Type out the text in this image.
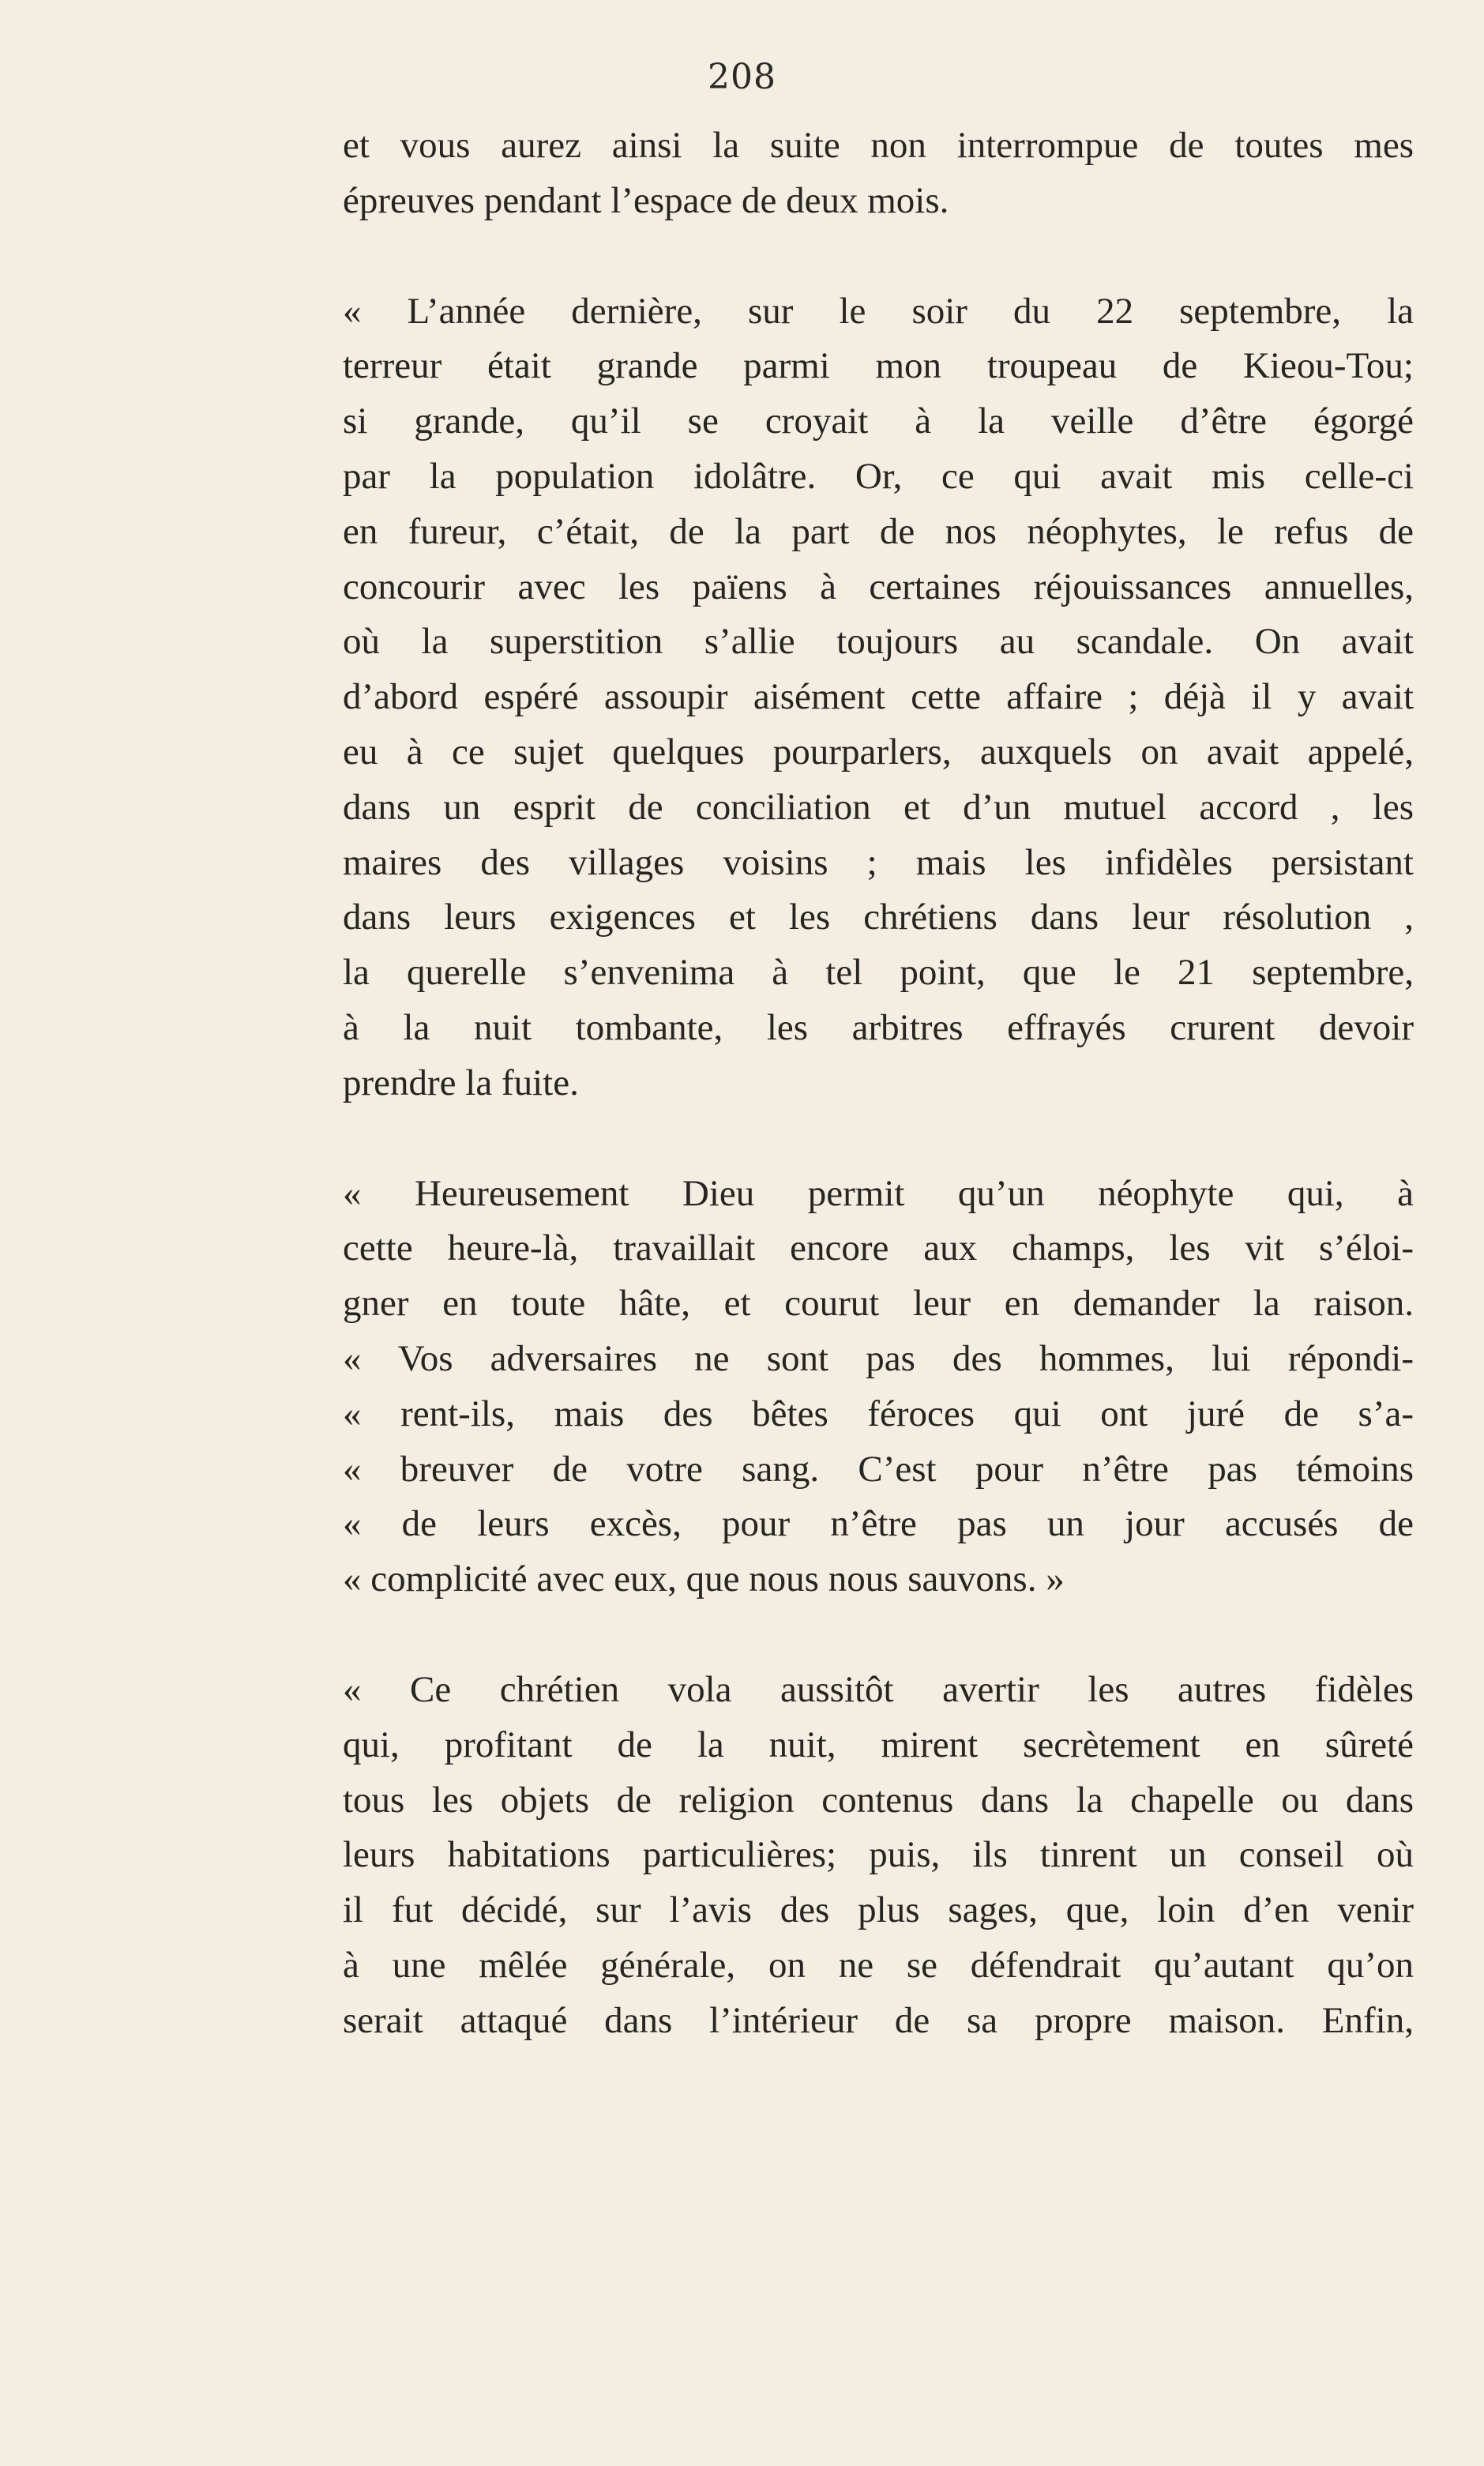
208
et vous aurez ainsi la suite non interrompue de toutes mes
épreuves pendant l’espace de deux mois.
« L’année dernière, sur le soir du 22 septembre, la
terreur était grande parmi mon troupeau de Kieou-Tou;
si grande, qu’il se croyait à la veille d’être égorgé
par la population idolâtre. Or, ce qui avait mis celle-ci
en fureur, c’était, de la part de nos néophytes, le refus de
concourir avec les païens à certaines réjouissances annuelles,
où la superstition s’allie toujours au scandale. On avait
d’abord espéré assoupir aisément cette affaire ; déjà il y avait
eu à ce sujet quelques pourparlers, auxquels on avait appelé,
dans un esprit de conciliation et d’un mutuel accord , les
maires des villages voisins ; mais les infidèles persistant
dans leurs exigences et les chrétiens dans leur résolution ,
la querelle s’envenima à tel point, que le 21 septembre,
à la nuit tombante, les arbitres effrayés crurent devoir
prendre la fuite.
« Heureusement Dieu permit qu’un néophyte qui, à
cette heure-là, travaillait encore aux champs, les vit s’éloi-
gner en toute hâte, et courut leur en demander la raison.
« Vos adversaires ne sont pas des hommes, lui répondi-
« rent-ils, mais des bêtes féroces qui ont juré de s’a-
« breuver de votre sang. C’est pour n’être pas témoins
« de leurs excès, pour n’être pas un jour accusés de
« complicité avec eux, que nous nous sauvons. »
« Ce chrétien vola aussitôt avertir les autres fidèles
qui, profitant de la nuit, mirent secrètement en sûreté
tous les objets de religion contenus dans la chapelle ou dans
leurs habitations particulières; puis, ils tinrent un conseil où
il fut décidé, sur l’avis des plus sages, que, loin d’en venir
à une mêlée générale, on ne se défendrait qu’autant qu’on
serait attaqué dans l’intérieur de sa propre maison. Enfin,
